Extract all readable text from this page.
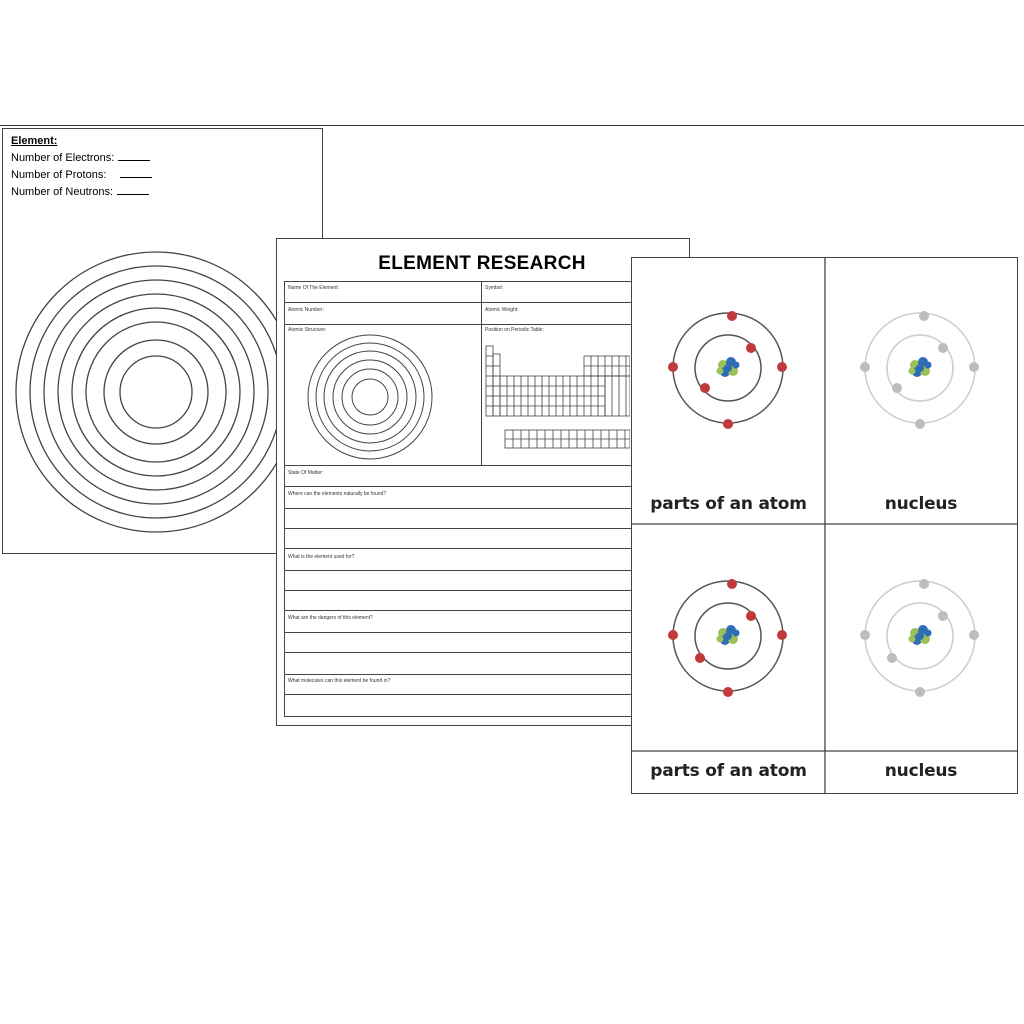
Element:
Number of Electrons:
Number of Protons:
Number of Neutrons:
ELEMENT RESEARCH
Name Of The Element:	Symbol:
Atomic Number:	Atomic Weight:
Atomic Structure:	Position on Periodic Table:
State Of Matter:
Where can the elements naturally be found?
What is the element used for?
What are the dangers of this element?
What molecules can this element be found in?
parts of an atom	nucleus
parts of an atom	nucleus
